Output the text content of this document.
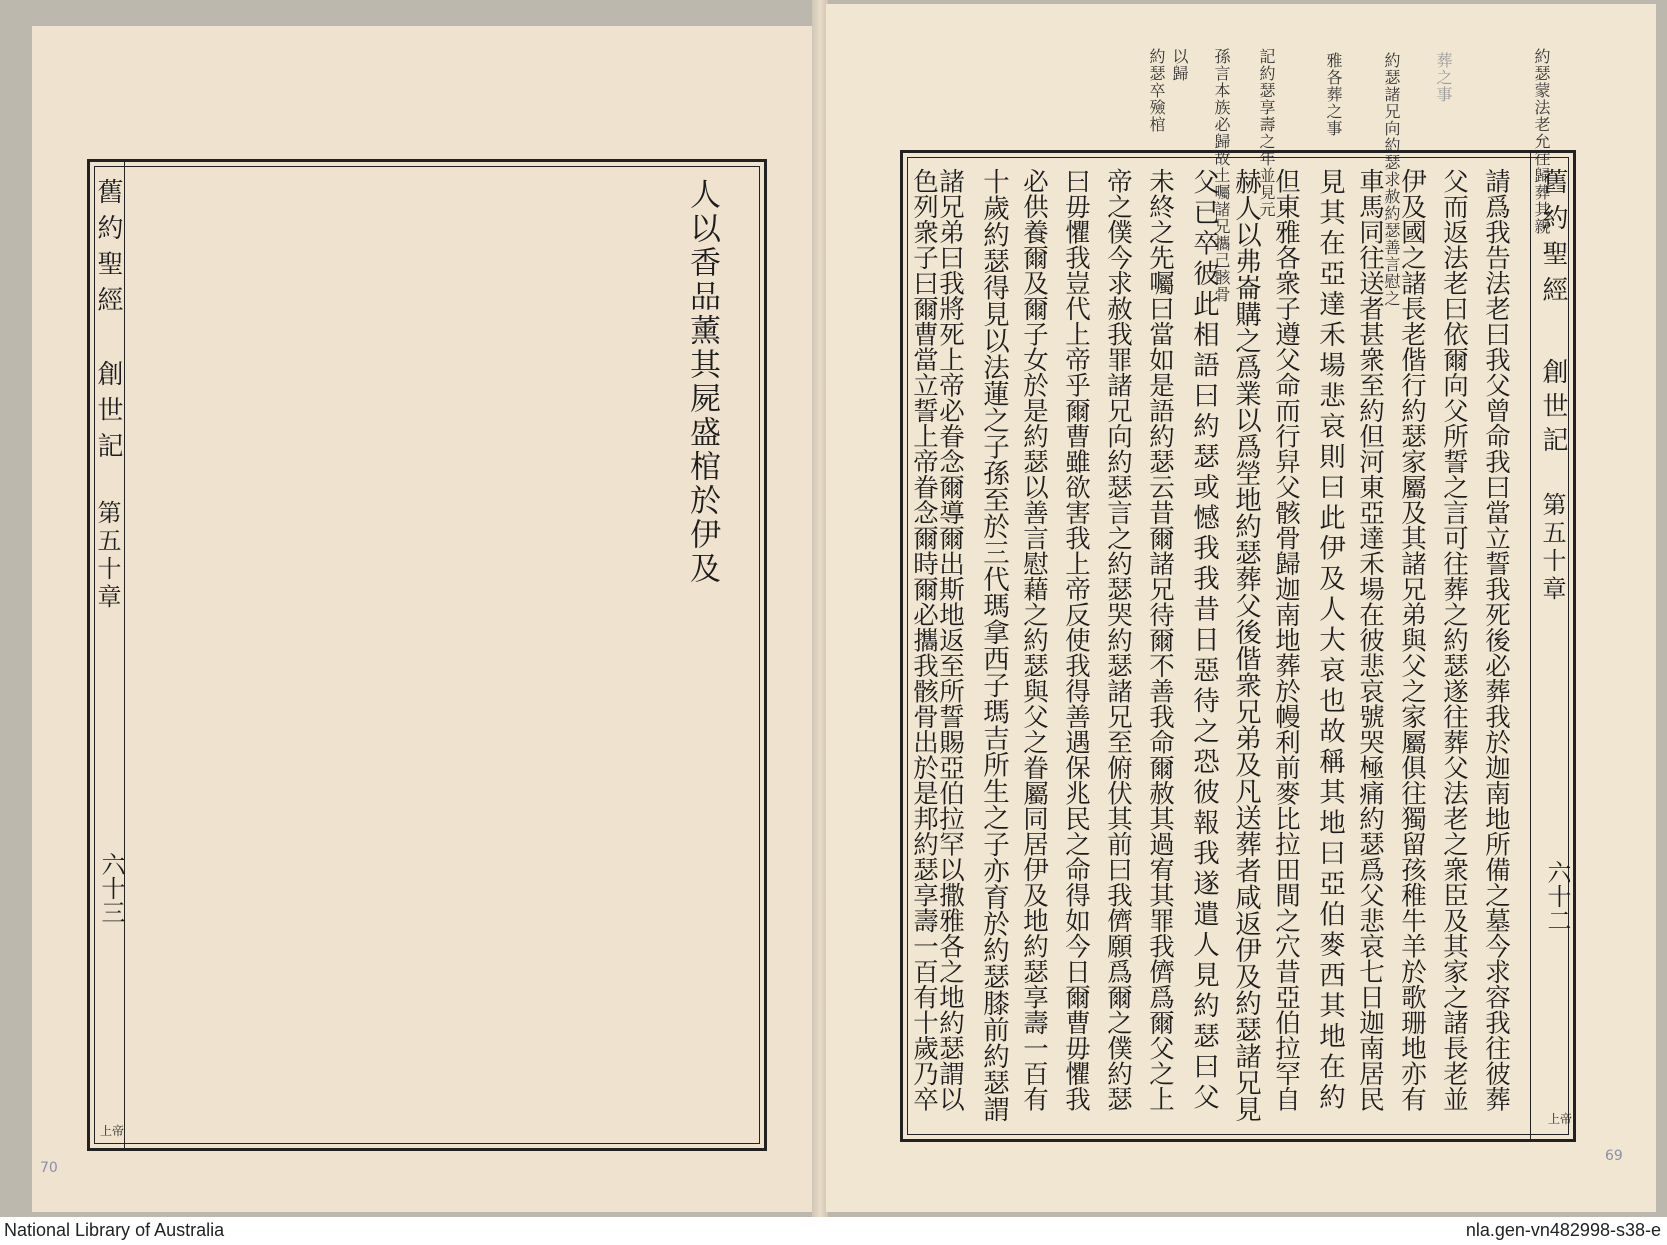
舊約聖經
創世記
第五十章
六十三
上帝
人以香品薰其屍盛棺於伊及
70
約瑟蒙法老允往歸葬其親
葬之事
約瑟諸兄向約瑟求赦約瑟善言慰之
雅各葬之事
記約瑟享壽之年並見元
孫言本族必歸故土囑諸兄攜己骸骨
以歸
約瑟卒殮棺
舊約聖經
創世記
第五十章
六十二
上帝
請爲我告法老曰我父曾命我曰當立誓我死後必葬我於迦南地所備之墓今求容我往彼葬
父而返法老曰依爾向父所誓之言可往葬之約瑟遂往葬父法老之衆臣及其家之諸長老並
伊及國之諸長老偕行約瑟家屬及其諸兄弟與父之家屬俱往獨留孩稚牛羊於歌珊地亦有
車馬同往送者甚衆至約但河東亞達禾場在彼悲哀號哭極痛約瑟爲父悲哀七日迦南居民
見其在亞達禾場悲哀則曰此伊及人大哀也故稱其地曰亞伯麥西其地在約
但東雅各衆子遵父命而行舁父骸骨歸迦南地葬於幔利前麥比拉田間之穴昔亞伯拉罕自
赫人以弗崙購之爲業以爲塋地約瑟葬父後偕衆兄弟及凡送葬者咸返伊及約瑟諸兄見
父已卒彼此相語曰約瑟或憾我我昔日惡待之恐彼報我遂遣人見約瑟曰父
未終之先囑曰當如是語約瑟云昔爾諸兄待爾不善我命爾赦其過宥其罪我儕爲爾父之上
帝之僕今求赦我罪諸兄向約瑟言之約瑟哭約瑟諸兄至俯伏其前曰我儕願爲爾之僕約瑟
曰毋懼我豈代上帝乎爾曹雖欲害我上帝反使我得善遇保兆民之命得如今日爾曹毋懼我
必供養爾及爾子女於是約瑟以善言慰藉之約瑟與父之眷屬同居伊及地約瑟享壽一百有
十歲約瑟得見以法蓮之子孫至於三代瑪拿西子瑪吉所生之子亦育於約瑟膝前約瑟謂
諸兄弟曰我將死上帝必眷念爾導爾出斯地返至所誓賜亞伯拉罕以撒雅各之地約瑟謂以
色列衆子曰爾曹當立誓上帝眷念爾時爾必攜我骸骨出於是邦約瑟享壽一百有十歲乃卒
69
National Library of Australia	nla.gen-vn482998-s38-e
